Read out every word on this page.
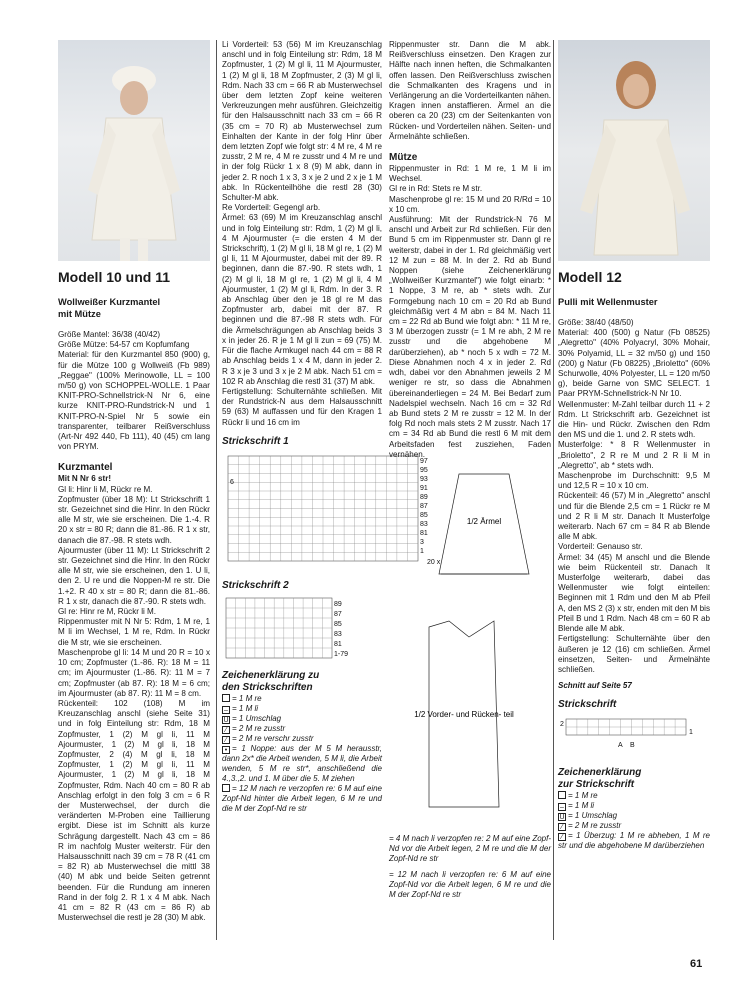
Modell 10 und 11
Wollweißer Kurzmantel
mit Mütze

Größe Mantel: 36/38 (40/42)

Größe Mütze: 54-57 cm Kopfumfang

Material: für den Kurzmantel 850 (900) g, für die Mütze 100 g Wollweiß (Fb 989) „Reggae" (100% Merinowolle, LL = 100 m/50 g) von SCHOPPEL-WOLLE. 1 Paar KNIT-PRO-Schnellstrick-N Nr 6, eine kurze KNIT-PRO-Rundstrick-N und 1 KNIT-PRO-N-Spiel Nr 5 sowie ein transparenter, teilbarer Reißverschluss (Art-Nr 492 440, Fb 111), 40 (45) cm lang von PRYM.

Kurzmantel

Mit N Nr 6 str!

Gl li: Hinr li M, Rückr re M.

Zopfmuster (über 18 M): Lt Strickschrift 1 str. Gezeichnet sind die Hinr. In den Rückr alle M str, wie sie erscheinen. Die 1.-4. R 20 x str = 80 R; dann die 81.-86. R 1 x str, danach die 87.-98. R stets wdh.

Ajourmuster (über 11 M): Lt Strickschrift 2 str. Gezeichnet sind die Hinr. In den Rückr alle M str, wie sie erscheinen, den 1. U li, den 2. U re und die Noppen-M re str. Die 1.+2. R 40 x str = 80 R; dann die 81.-86. R 1 x str, danach die 87.-90. R stets wdh.

Gl re: Hinr re M, Rückr li M.

Rippenmuster mit N Nr 5: Rdm, 1 M re, 1 M li im Wechsel, 1 M re, Rdm. In Rückr die M str, wie sie erscheinen.

Maschenprobe gl li: 14 M und 20 R = 10 x 10 cm; Zopfmuster (1.-86. R): 18 M = 11 cm; im Ajourmuster (1.-86. R): 11 M = 7 cm; Zopfmuster (ab 87. R): 18 M = 6 cm; im Ajourmuster (ab 87. R): 11 M = 8 cm.

Rückenteil: 102 (108) M im Kreuzanschlag anschl (siehe Seite 31) und in folg Einteilung str: Rdm, 18 M Zopfmuster, 1 (2) M gl li, 11 M Ajourmuster, 1 (2) M gl li, 18 M Zopfmuster, 2 (4) M gl li, 18 M Zopfmuster, 1 (2) M gl li, 11 M Ajourmuster, 1 (2) M gl li, 18 M Zopfmuster, Rdm. Nach 40 cm = 80 R ab Anschlag erfolgt in den folg 3 cm = 6 R der Musterwechsel, der durch die veränderten M-Proben eine Taillierung ergibt. Diese ist im Schnitt als kurze Schrägung dargestellt. Nach 43 cm = 86 R im nachfolg Muster weiterstr. Für den Halsausschnitt nach 39 cm = 78 R (41 cm = 82 R) ab Musterwechsel die mittl 38 (40) M abk und beide Seiten getrennt beenden. Für die Rundung am inneren Rand in der folg 2. R 1 x 4 M abk. Nach 41 cm = 82 R (43 cm = 86 R) ab Musterwechsel die restl je 28 (30) M abk.

Li Vorderteil: 53 (56) M im Kreuzanschlag anschl und in folg Einteilung str: Rdm, 18 M Zopfmuster, 1 (2) M gl li, 11 M Ajourmuster, 1 (2) M gl li, 18 M Zopfmuster, 2 (3) M gl li, Rdm. Nach 33 cm = 66 R ab Musterwechsel über dem letzten Zopf keine weiteren Verkreuzungen mehr ausführen. Gleichzeitig für den Halsausschnitt nach 33 cm = 66 R (35 cm = 70 R) ab Musterwechsel zum Einhalten der Kante in der folg Hinr über dem letzten Zopf wie folgt str: 4 M re, 4 M re zusstr, 2 M re, 4 M re zusstr und 4 M re und in der folg Rückr 1 x 8 (9) M abk, dann in jeder 2. R noch 1 x 3, 3 x je 2 und 2 x je 1 M abk. In Rückenteilhöhe die restl 28 (30) Schulter-M abk.

Re Vorderteil: Gegengl arb.

Ärmel: 63 (69) M im Kreuzanschlag anschl und in folg Einteilung str: Rdm, 1 (2) M gl li, 4 M Ajourmuster (= die ersten 4 M der Strickschrift), 1 (2) M gl li, 18 M gl re, 1 (2) M gl li, 11 M Ajourmuster, dabei mit der 89. R beginnen, dann die 87.-90. R stets wdh, 1 (2) M gl li, 18 M gl re, 1 (2) M gl li, 4 M Ajourmuster, 1 (2) M gl li, Rdm. In der 3. R ab Anschlag über den je 18 gl re M das Zopfmuster arb, dabei mit der 87. R beginnen und die 87.-98 R stets wdh. Für die Ärmelschrägungen ab Anschlag beids 3 x in jeder 26. R je 1 M gl li zun = 69 (75) M. Für die flache Armkugel nach 44 cm = 88 R ab Anschlag beids 1 x 4 M, dann in jeder 2. R 3 x je 3 und 3 x je 2 M abk. Nach 51 cm = 102 R ab Anschlag die restl 31 (37) M abk.

Fertigstellung: Schulternähte schließen. Mit der Rundstrick-N aus dem Halsausschnitt 59 (63) M auffassen und für den Kragen 1 Rückr li und 16 cm im

Strickschrift 1
97
95
93
91
89
87
85
83
81
3
1
20 x
6
Strickschrift 2
89
87
85
83
81
1-79
Zeichenerklärung zu
den Strickschriften

= 1 M re

– = 1 M li

U = 1 Umschlag

⁄ = 2 M re zusstr

⁄ = 2 M re verschr zusstr

• = 1 Noppe: aus der M 5 M herausstr, dann 2x* die Arbeit wenden, 5 M li, die Arbeit wenden, 5 M re str*, anschließend die 4.,3.,2. und 1. M über die 5. M ziehen

= 12 M nach re verzopfen re: 6 M auf eine Zopf-Nd hinter die Arbeit legen, 6 M re und die M der Zopf-Nd re str

Rippenmuster str. Dann die M abk. Reißverschluss einsetzen. Den Kragen zur Hälfte nach innen heften, die Schmalkanten offen lassen. Den Reißverschluss zwischen die Schmalkanten des Kragens und in Verlängerung an die Vorderteilkanten nähen. Kragen innen anstaffieren. Ärmel an die oberen ca 20 (23) cm der Seitenkanten von Rücken- und Vorderteilen nähen. Seiten- und Ärmelnähte schließen.

Mütze

Rippenmuster in Rd: 1 M re, 1 M li im Wechsel.

Gl re in Rd: Stets re M str.

Maschenprobe gl re: 15 M und 20 R/Rd = 10 x 10 cm.

Ausführung: Mit der Rundstrick-N 76 M anschl und Arbeit zur Rd schließen. Für den Bund 5 cm im Rippenmuster str. Dann gl re weiterstr, dabei in der 1. Rd gleichmäßig vert 12 M zun = 88 M. In der 2. Rd ab Bund Noppen (siehe Zeichenerklärung „Wollweißer Kurzmantel") wie folgt einarb: * 1 Noppe, 3 M re, ab * stets wdh. Zur Formgebung nach 10 cm = 20 Rd ab Bund gleichmäßig vert 4 M abn = 84 M. Nach 11 cm = 22 Rd ab Bund wie folgt abn: * 11 M re, 3 M überzogen zusstr (= 1 M re abh, 2 M re zusstr und die abgehobene M darüberziehen), ab * noch 5 x wdh = 72 M. Diese Abnahmen noch 4 x in jeder 2. Rd wdh, dabei vor den Abnahmen jeweils 2 M weniger re str, so dass die Abnahmen übereinanderliegen = 24 M. Bei Bedarf zum Nadelspiel wechseln. Nach 16 cm = 32 Rd ab Bund stets 2 M re zusstr = 12 M. In der folg Rd noch mals stets 2 M zusstr. Nach 17 cm = 34 Rd ab Bund die restl 6 M mit dem Arbeitsfaden fest zusziehen, Faden vernähen.

1/2 Ärmel

1/2 Vorder- und Rücken- teil

= 4 M nach li verzopfen re: 2 M auf eine Zopf-Nd vor die Arbeit legen, 2 M re und die M der Zopf-Nd re str

= 12 M nach li verzopfen re: 6 M auf eine Zopf-Nd vor die Arbeit legen, 6 M re und die M der Zopf-Nd re str

Modell 12
Pulli mit Wellenmuster

Größe: 38/40 (48/50)

Material: 400 (500) g Natur (Fb 08525) „Alegretto" (40% Polyacryl, 30% Mohair, 30% Polyamid, LL = 32 m/50 g) und 150 (200) g Natur (Fb 08225) „Brioletto" (60% Schurwolle, 40% Polyester, LL = 120 m/50 g), beide Garne von SMC SELECT. 1 Paar PRYM-Schnellstrick-N Nr 10.

Wellenmuster: M-Zahl teilbar durch 11 + 2 Rdm. Lt Strickschrift arb. Gezeichnet ist die Hin- und Rückr. Zwischen den Rdm den MS und die 1. und 2. R stets wdh.

Musterfolge: * 8 R Wellenmuster in „Brioletto", 2 R re M und 2 R li M in „Alegretto", ab * stets wdh.

Maschenprobe im Durchschnitt: 9,5 M und 12,5 R = 10 x 10 cm.

Rückenteil: 46 (57) M in „Alegretto" anschl und für die Blende 2,5 cm = 1 Rückr re M und 2 R li M str. Danach lt Musterfolge weiterarb. Nach 67 cm = 84 R ab Blende alle M abk.

Vorderteil: Genauso str.

Ärmel: 34 (45) M anschl und die Blende wie beim Rückenteil str. Danach lt Musterfolge weiterarb, dabei das Wellenmuster wie folgt einteilen: Beginnen mit 1 Rdm und den M ab Pfeil A, den MS 2 (3) x str, enden mit den M bis Pfeil B und 1 Rdm. Nach 48 cm = 60 R ab Blende alle M abk.

Fertigstellung: Schulternähte über den äußeren je 12 (16) cm schließen. Ärmel einsetzen, Seiten- und Ärmelnähte schließen.

Schnitt auf Seite 57
Strickschrift
2
1
A B
Zeichenerklärung
zur Strickschrift

= 1 M re

– = 1 M li

U = 1 Umschlag

⁄ = 2 M re zusstr

⁄ = 1 Überzug: 1 M re abheben, 1 M re str und die abgehobene M darüberziehen

61
